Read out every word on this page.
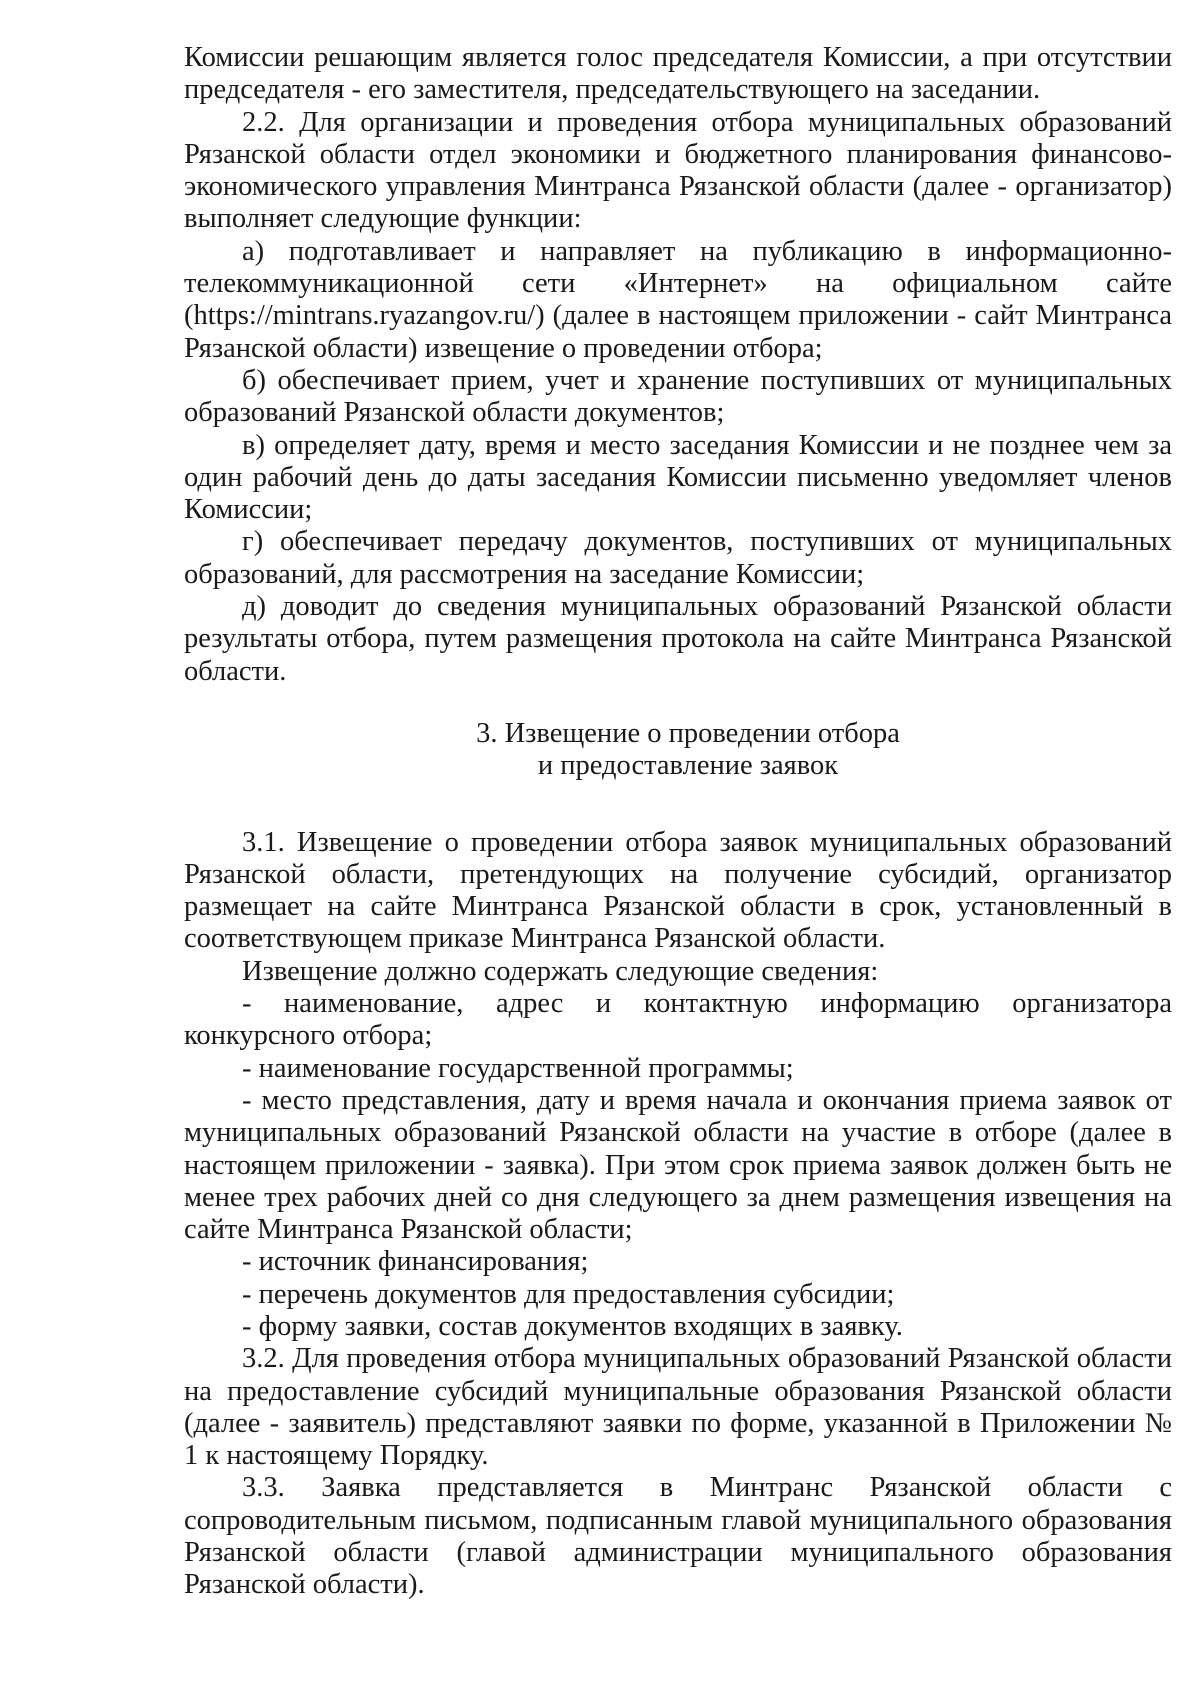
Комиссии решающим является голос председателя Комиссии, а при отсутствии председателя - его заместителя, председательствующего на заседании.

2.2. Для организации и проведения отбора муниципальных образований Рязанской области отдел экономики и бюджетного планирования финансово-экономического управления Минтранса Рязанской области (далее - организатор) выполняет следующие функции:

а) подготавливает и направляет на публикацию в информационно-телекоммуникационной сети «Интернет» на официальном сайте (https://mintrans.ryazangov.ru/) (далее в настоящем приложении - сайт Минтранса Рязанской области) извещение о проведении отбора;

б) обеспечивает прием, учет и хранение поступивших от муниципальных образований Рязанской области документов;

в) определяет дату, время и место заседания Комиссии и не позднее чем за один рабочий день до даты заседания Комиссии письменно уведомляет членов Комиссии;

г) обеспечивает передачу документов, поступивших от муниципальных образований, для рассмотрения на заседание Комиссии;

д) доводит до сведения муниципальных образований Рязанской области результаты отбора, путем размещения протокола на сайте Минтранса Рязанской области.

3. Извещение о проведении отбора

и предоставление заявок

3.1. Извещение о проведении отбора заявок муниципальных образований Рязанской области, претендующих на получение субсидий, организатор размещает на сайте Минтранса Рязанской области в срок, установленный в соответствующем приказе Минтранса Рязанской области.

Извещение должно содержать следующие сведения:

- наименование, адрес и контактную информацию организатора конкурсного отбора;

- наименование государственной программы;

- место представления, дату и время начала и окончания приема заявок от муниципальных образований Рязанской области на участие в отборе (далее в настоящем приложении - заявка). При этом срок приема заявок должен быть не менее трех рабочих дней со дня следующего за днем размещения извещения на сайте Минтранса Рязанской области;

- источник финансирования;

- перечень документов для предоставления субсидии;

- форму заявки, состав документов входящих в заявку.

3.2. Для проведения отбора муниципальных образований Рязанской области на предоставление субсидий муниципальные образования Рязанской области (далее - заявитель) представляют заявки по форме, указанной в Приложении № 1 к настоящему Порядку.

3.3. Заявка представляется в Минтранс Рязанской области с сопроводительным письмом, подписанным главой муниципального образования Рязанской области (главой администрации муниципального образования Рязанской области).
